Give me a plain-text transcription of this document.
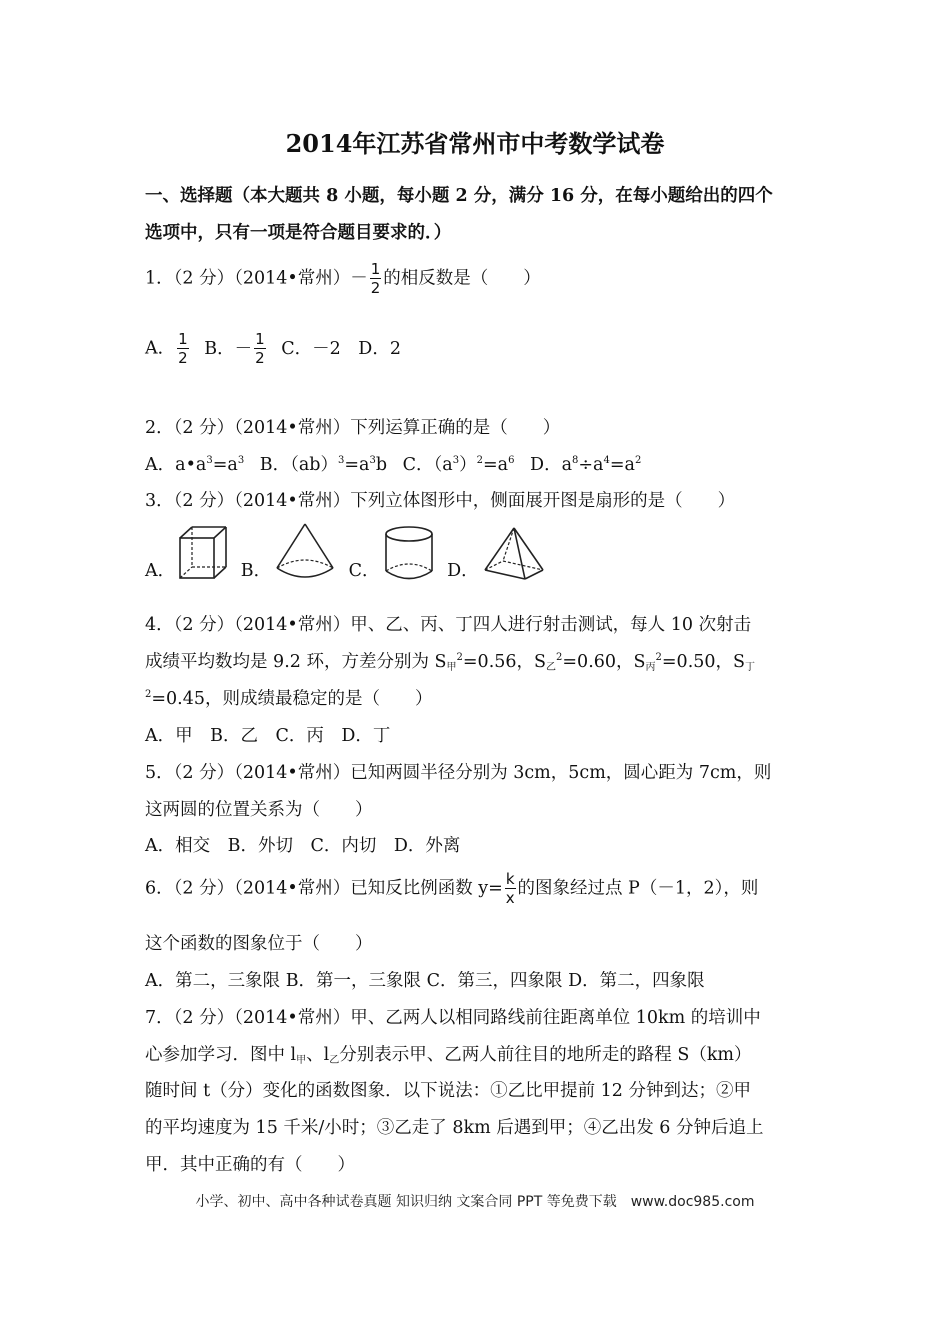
2014年江苏省常州市中考数学试卷
一、选择题（本大题共 8 小题，每小题 2 分，满分 16 分，在每小题给出的四个
选项中，只有一项是符合题目要求的．）
1．（2 分）（2014•常州）－ $\frac{1}{2}$ 的相反数是（　　）
A． $\frac{1}{2}$ B．－ $\frac{1}{2}$ C．－2　D．2
2．（2 分）（2014•常州）下列运算正确的是（　　）
A．$a•a^3=a^3$ B．$(ab)^3=a^3b$ C．$(a^3)^2=a^6$ D．$a^8\div a^4=a^2$
3．（2 分）（2014•常州）下列立体图形中，侧面展开图是扇形的是（　　）
A．	B．	C．	D．
4．（2 分）（2014•常州）甲、乙、丙、丁四人进行射击测试，每人 10 次射击
成绩平均数均是 9.2 环，方差分别为 $S_甲^2=0.56$，$S_乙^2=0.60$，$S_丙^2=0.50$，$S_丁$
$^2$=0.45，则成绩最稳定的是（　　）
A．甲　B．乙　C．丙　D．丁
5．（2 分）（2014•常州）已知两圆半径分别为 3cm，5cm，圆心距为 7cm，则
这两圆的位置关系为（　　）
A．相交　B．外切　C．内切　D．外离
6．（2 分）（2014•常州）已知反比例函数 $y= \frac{k}{x}$ 的图象经过点 P（－1，2），则
这个函数的图象位于（　　）
A．第二，三象限 B．第一，三象限 C．第三，四象限 D．第二，四象限
7．（2 分）（2014•常州）甲、乙两人以相同路线前往距离单位 10km 的培训中
心参加学习．图中 $l_甲$、$l_乙$分别表示甲、乙两人前往目的地所走的路程 S（km）
随时间 t（分）变化的函数图象．以下说法：①乙比甲提前 12 分钟到达；②甲
的平均速度为 15 千米/小时；③乙走了 8km 后遇到甲；④乙出发 6 分钟后追上
甲．其中正确的有（　　）
小学、初中、高中各种试卷真题 知识归纳 文案合同 PPT 等免费下载　www.doc985.com
